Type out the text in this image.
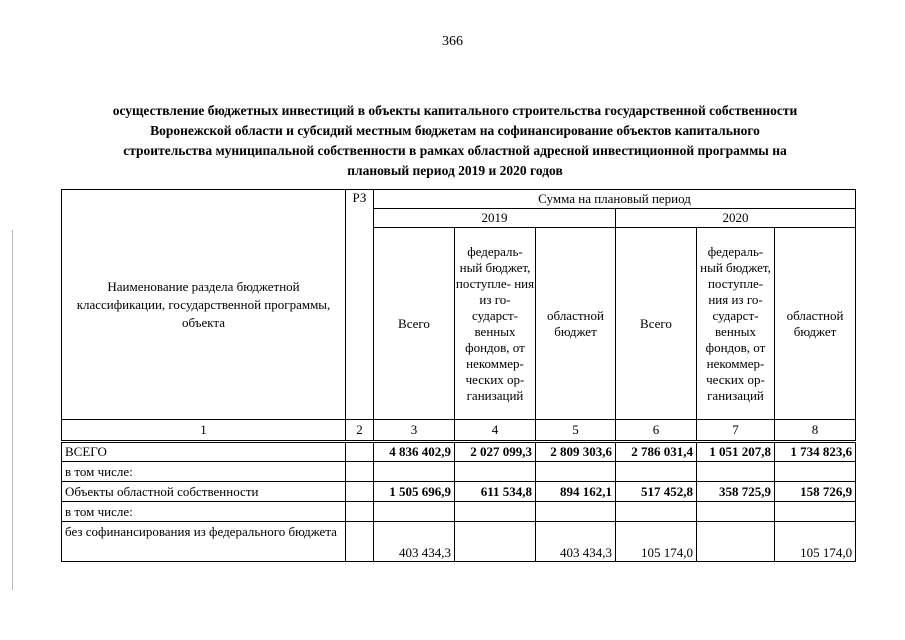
366
осуществление бюджетных инвестиций в объекты капитального строительства государственной собственности Воронежской области и субсидий местным бюджетам на софинансирование объектов капитального строительства муниципальной собственности в рамках областной адресной инвестиционной программы на плановый период 2019 и 2020 годов
Наименование раздела бюджетной классификации, государственной программы, объекта	РЗ	Сумма на плановый период					
		2019			2020		
		Всего	федераль- ный бюджет, поступле- ния из го- сударст- венных фондов, от некоммер- ческих ор- ганизаций	областной бюджет	Всего	федераль- ный бюджет, поступле- ния из го- сударст- венных фондов, от некоммер- ческих ор- ганизаций	областной бюджет
1	2	3	4	5	6	7	8
ВСЕГО		4 836 402,9	2 027 099,3	2 809 303,6	2 786 031,4	1 051 207,8	1 734 823,6
в том числе:							
Объекты областной собственности		1 505 696,9	611 534,8	894 162,1	517 452,8	358 725,9	158 726,9
в том числе:							
без софинансирования из федерального бюджета		403 434,3		403 434,3	105 174,0		105 174,0
